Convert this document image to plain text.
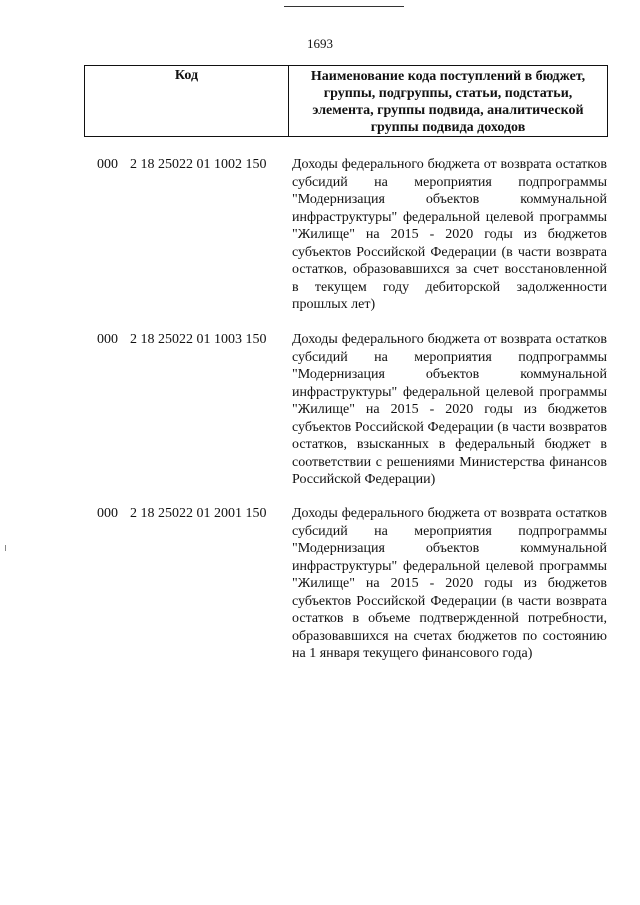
1693
Код	Наименование кода поступлений в бюджет, группы, подгруппы, статьи, подстатьи, элемента, группы подвида, аналитической группы подвида доходов
000 2 18 25022 01 1002 150	Доходы федерального бюджета от возврата остатков субсидий на мероприятия подпрограммы "Модернизация объектов коммунальной инфраструктуры" федеральной целевой программы "Жилище" на 2015 - 2020 годы из бюджетов субъектов Российской Федерации (в части возврата остатков, образовавшихся за счет восстановленной в текущем году дебиторской задолженности прошлых лет)
000 2 18 25022 01 1003 150	Доходы федерального бюджета от возврата остатков субсидий на мероприятия подпрограммы "Модернизация объектов коммунальной инфраструктуры" федеральной целевой программы "Жилище" на 2015 - 2020 годы из бюджетов субъектов Российской Федерации (в части возвратов остатков, взысканных в федеральный бюджет в соответствии с решениями Министерства финансов Российской Федерации)
000 2 18 25022 01 2001 150	Доходы федерального бюджета от возврата остатков субсидий на мероприятия подпрограммы "Модернизация объектов коммунальной инфраструктуры" федеральной целевой программы "Жилище" на 2015 - 2020 годы из бюджетов субъектов Российской Федерации (в части возврата остатков в объеме подтвержденной потребности, образовавшихся на счетах бюджетов по состоянию на 1 января текущего финансового года)
